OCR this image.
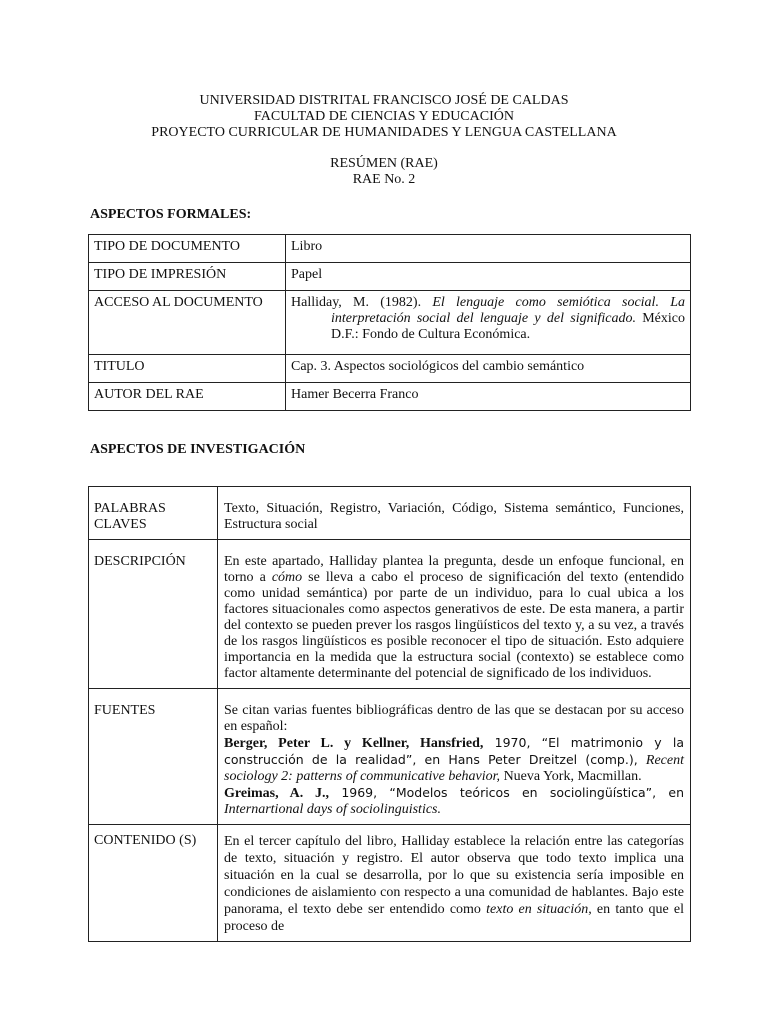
UNIVERSIDAD DISTRITAL FRANCISCO JOSÉ DE CALDAS
FACULTAD DE CIENCIAS Y EDUCACIÓN
PROYECTO CURRICULAR DE HUMANIDADES Y LENGUA CASTELLANA
RESÚMEN (RAE)
RAE No. 2
ASPECTOS FORMALES:
TIPO DE DOCUMENTO	Libro
TIPO DE IMPRESIÓN	Papel
ACCESO AL DOCUMENTO	Halliday, M. (1982). El lenguaje como semiótica social. La interpretación social del lenguaje y del significado. México D.F.: Fondo de Cultura Económica.

TITULO	Cap. 3. Aspectos sociológicos del cambio semántico
AUTOR DEL RAE	Hamer Becerra Franco
ASPECTOS DE INVESTIGACIÓN
PALABRAS CLAVES	Texto, Situación, Registro, Variación, Código, Sistema semántico, Funciones, Estructura social
DESCRIPCIÓN	En este apartado, Halliday plantea la pregunta, desde un enfoque funcional, en torno a cómo se lleva a cabo el proceso de significación del texto (entendido como unidad semántica) por parte de un individuo, para lo cual ubica a los factores situacionales como aspectos generativos de este. De esta manera, a partir del contexto se pueden prever los rasgos lingüísticos del texto y, a su vez, a través de los rasgos lingüísticos es posible reconocer el tipo de situación. Esto adquiere importancia en la medida que la estructura social (contexto) se establece como factor altamente determinante del potencial de significado de los individuos.
FUENTES	Se citan varias fuentes bibliográficas dentro de las que se destacan por su acceso en español:
Berger, Peter L. y Kellner, Hansfried, 1970, “El matrimonio y la construcción de la realidad”, en Hans Peter Dreitzel (comp.), Recent sociology 2: patterns of communicative behavior, Nueva York, Macmillan.
Greimas, A. J., 1969, “Modelos teóricos en sociolingüística”, en Internartional days of sociolinguistics.

CONTENIDO (S)	En el tercer capítulo del libro, Halliday establece la relación entre las categorías de texto, situación y registro. El autor observa que todo texto implica una situación en la cual se desarrolla, por lo que su existencia sería imposible en condiciones de aislamiento con respecto a una comunidad de hablantes. Bajo este panorama, el texto debe ser entendido como texto en situación, en tanto que el proceso de
